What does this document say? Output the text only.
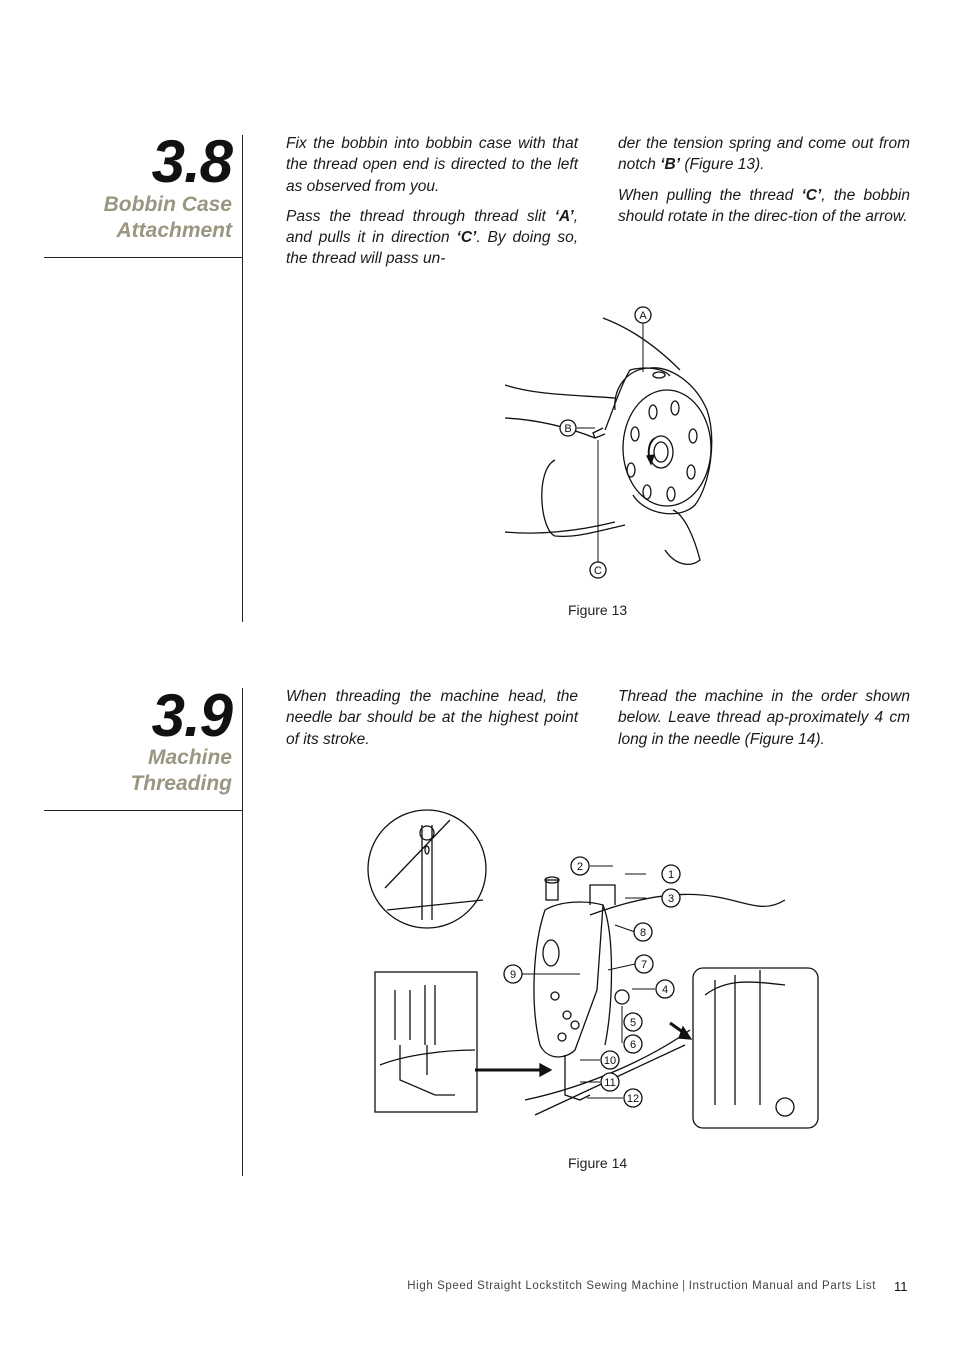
3.8
Bobbin Case
Attachment

Fix the bobbin into bobbin case with that the thread open end is directed to the left as observed from you.

Pass the thread through thread slit ‘A’, and pulls it in direction ‘C’. By doing so, the thread will pass un-

der the tension spring and come out from notch ‘B’ (Figure 13).

When pulling the thread ‘C’, the bobbin should rotate in the direc-tion of the arrow.

A
B
C
Figure 13
3.9
Machine
Threading

When threading the machine head, the needle bar should be at the highest point of its stroke.

Thread the machine in the order shown below. Leave thread ap-proximately 4 cm long in the needle (Figure 14).

1
2
3
4
5
6
7
8
9
10
11
12
Figure 14
High Speed Straight Lockstitch Sewing Machine | Instruction Manual and Parts List 11
